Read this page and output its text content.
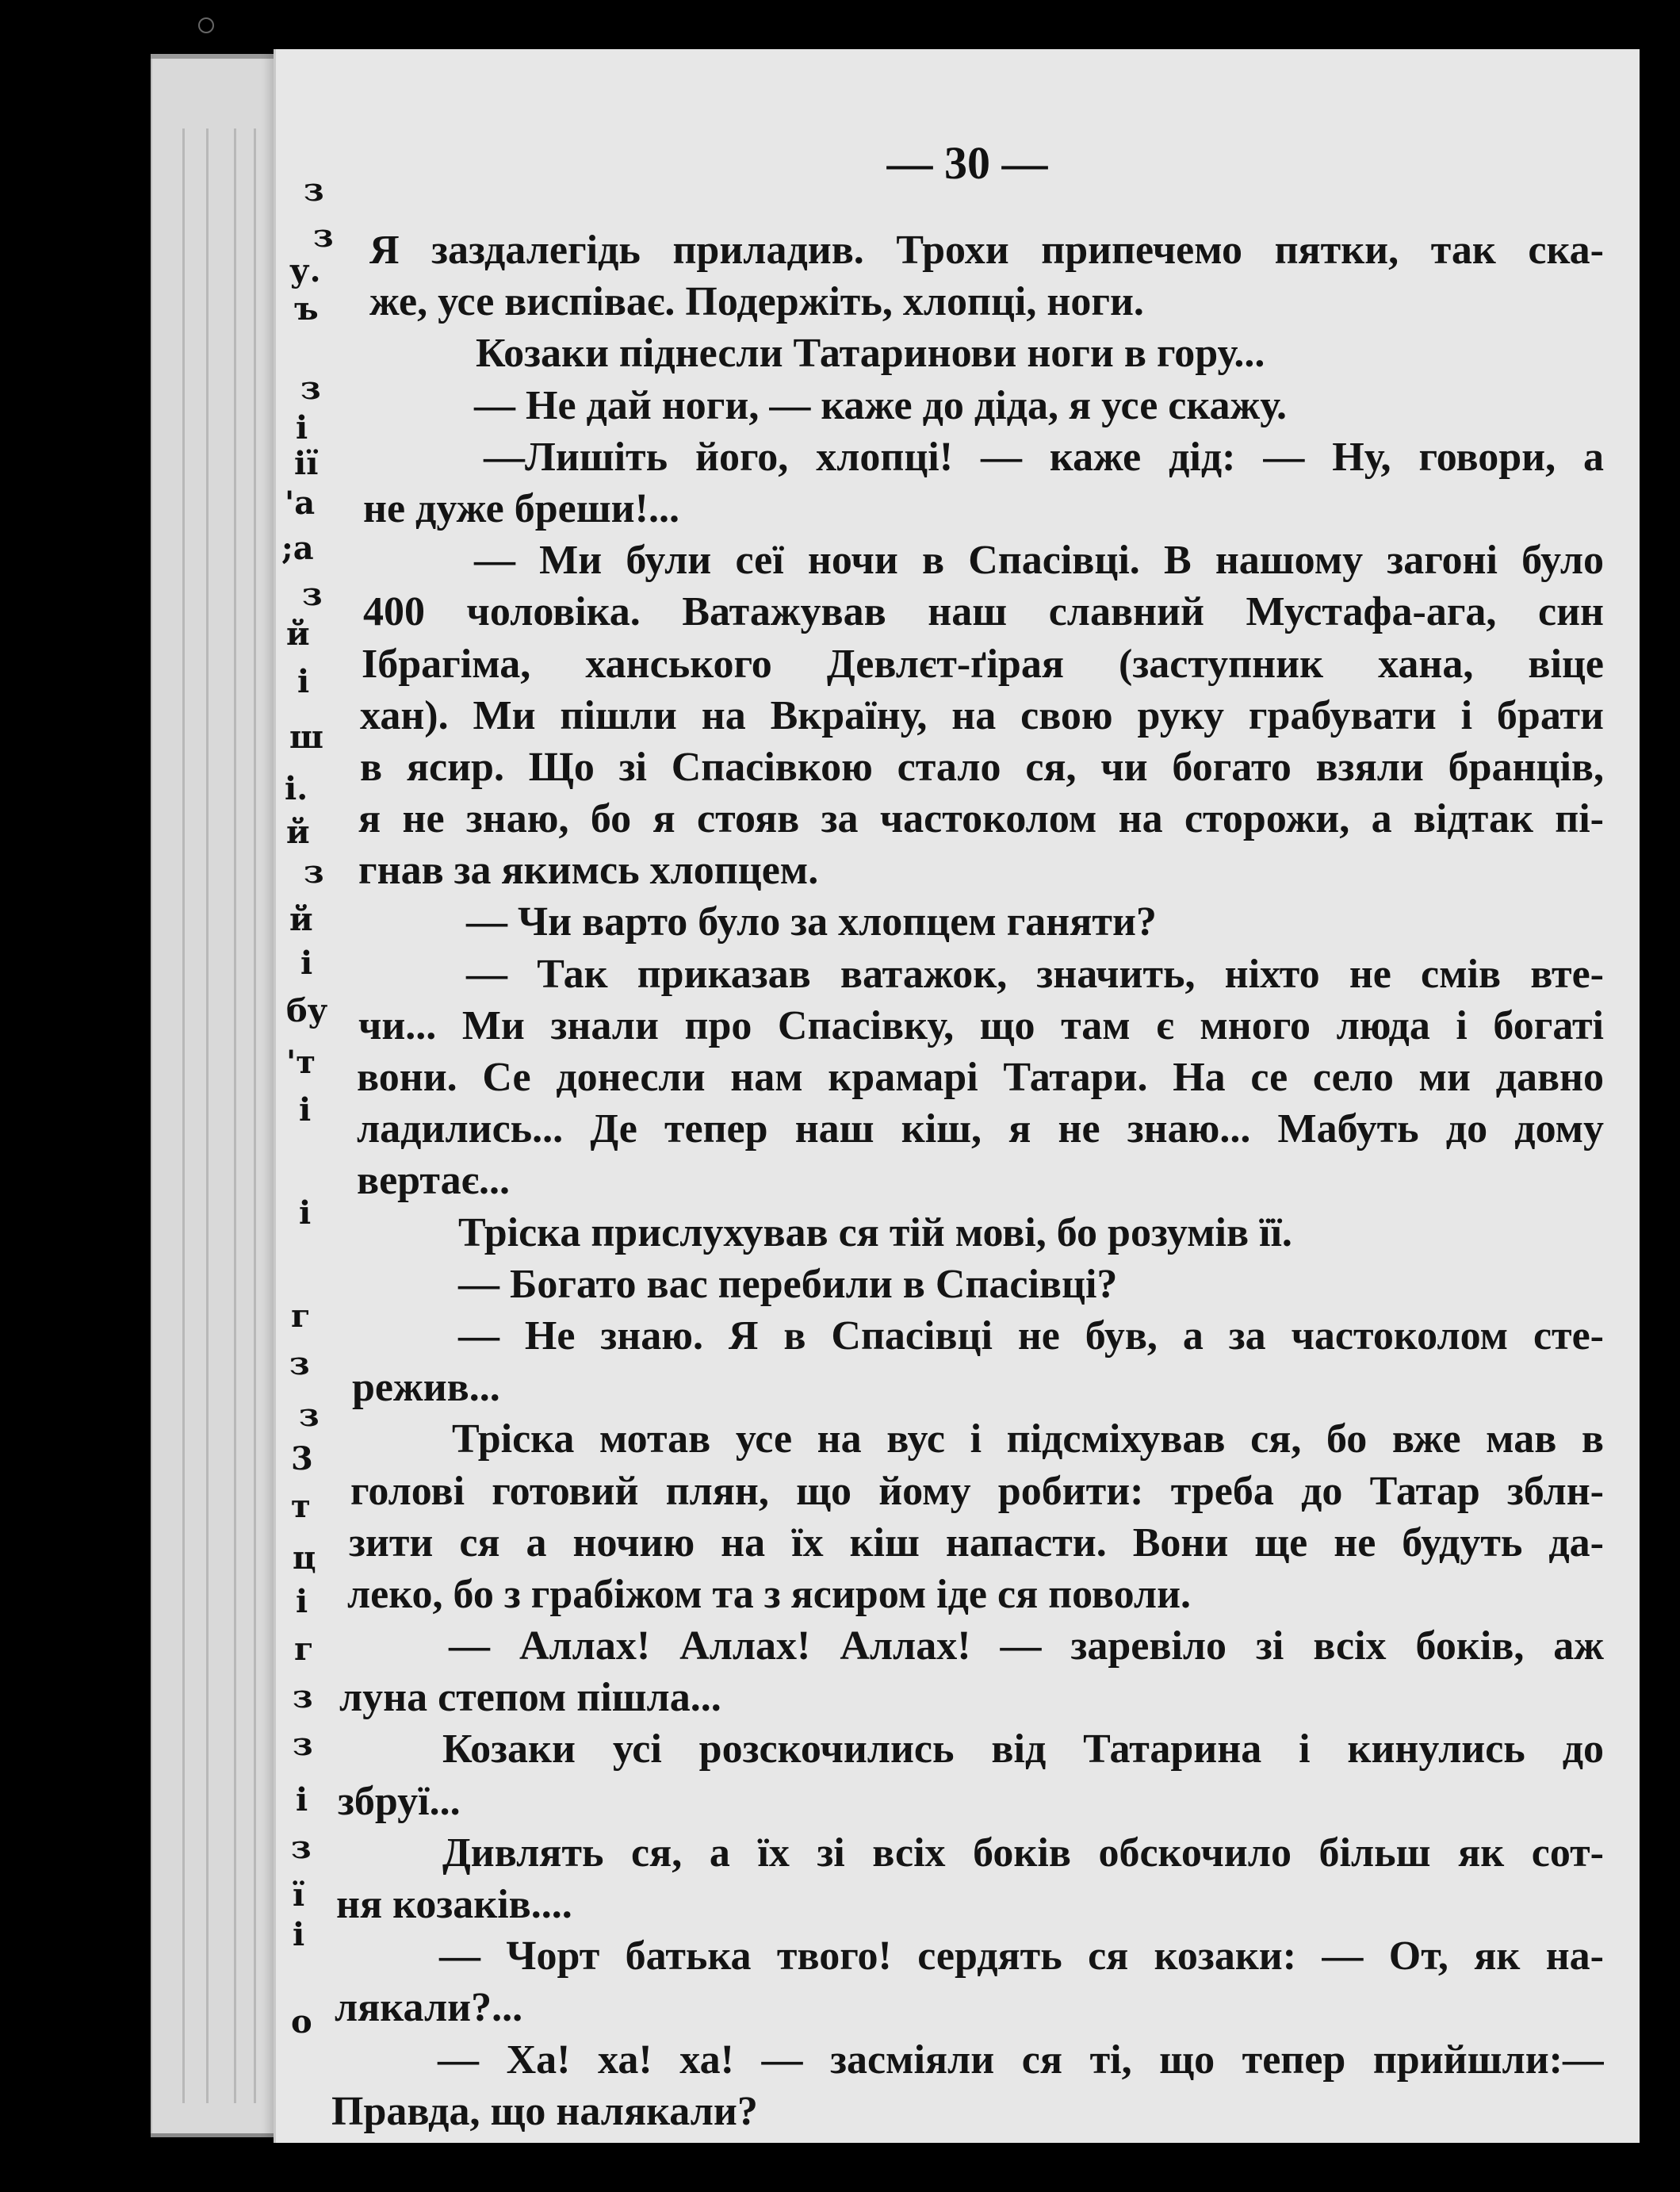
з
з
у.
ъ
з
і
ії
'а
;а
з
й
і
ш
і.
й
з
й
і
бу
'т
і
і
г
з
з
3
т
ц
і
г
з
з
і
з
ї
і
о
— 30 —
Я заздалегідь приладив. Трохи припечемо пятки, так ска-
же, усе виспіває. Подержіть, хлопці, ноги.
Козаки піднесли Татаринови ноги в гору...
— Не дай ноги, — каже до діда, я усе скажу.
—Лишіть його, хлопці! — каже дід: — Ну, говори, а
не дуже бреши!...
— Ми були сеї ночи в Спасівці. В нашому загоні було
400 чоловіка. Ватажував наш славний Мустафа-ага, син
Ібрагіма, ханського Девлєт-ґірая (заступник хана, віце
хан). Ми пішли на Вкраїну, на свою руку грабувати і брати
в ясир. Що зі Спасівкою стало ся, чи богато взяли бранців,
я не знаю, бо я стояв за частоколом на сторожи, а відтак пі-
гнав за якимсь хлопцем.
— Чи варто було за хлопцем ганяти?
— Так приказав ватажок, значить, ніхто не смів втe-
чи... Ми знали про Спасівку, що там є много люда і богаті
вони. Се донесли нам крамарі Татари. На се село ми давно
ладились... Де тепер наш кіш, я не знаю... Мабуть до дому
вертає...
Тріска прислухував ся тій мові, бо розумів її.
— Богато вас перебили в Спасівці?
— Не знаю. Я в Спасівці не був, а за частоколом сте-
режив...
Тріска мотав усе на вус і підсміхував ся, бо вже мав в
голові готовий плян, що йому робити: треба до Татар зблн-
зити ся а ночию на їх кіш напасти. Вони ще не будуть да-
леко, бо з грабіжом та з ясиром іде ся поволи.
— Аллах! Аллах! Аллах! — заревіло зі всіх боків, аж
луна степом пішла...
Козаки усі розскочились від Татарина і кинулись до
збруї...
Дивлять ся, а їх зі всіх боків обскочило більш як сот-
ня козаків....
— Чорт батька твого! сердять ся козаки: — От, як на-
лякали?...
— Ха! ха! ха! — засміяли ся ті, що тепер прийшли:—
Правда, що налякали?
